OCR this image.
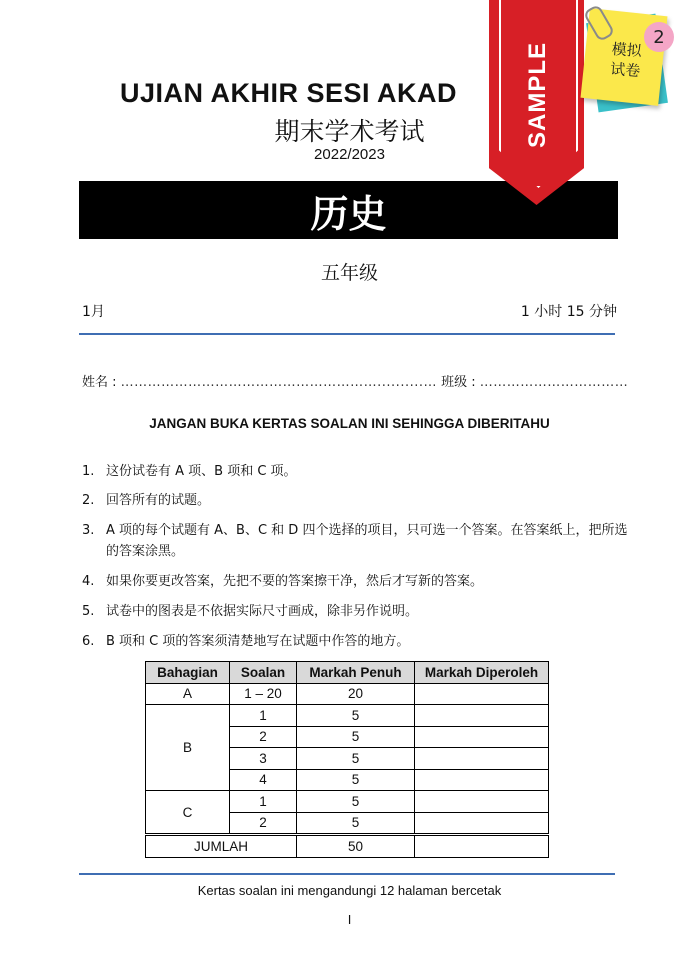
UJIAN AKHIR SESI AKAD
期末学术考试
2022/2023
历史
五年级
1月	1 小时 15 分钟
姓名 : …………………………………………………..........… 班级 : ……………………………
JANGAN BUKA KERTAS SOALAN INI SEHINGGA DIBERITAHU
1. 这份试卷有 A 项、B 项和 C 项。
2. 回答所有的试题。
3. A 项的每个试题有 A、B、C 和 D 四个选择的项目，只可选一个答案。在答案纸上，把所选的答案涂黑。
4. 如果你要更改答案，先把不要的答案擦干净，然后才写新的答案。
5. 试卷中的图表是不依据实际尺寸画成，除非另作说明。
6. B 项和 C 项的答案须清楚地写在试题中作答的地方。
Bahagian	Soalan	Markah Penuh	Markah Diperoleh
A	1 – 20	20	
B	1	5	
	2	5	
	3	5	
	4	5	
C	1	5	
	2	5	
JUMLAH		50	
Kertas soalan ini mengandungi 12 halaman bercetak
I
SAMPLE	模拟
试卷
2
